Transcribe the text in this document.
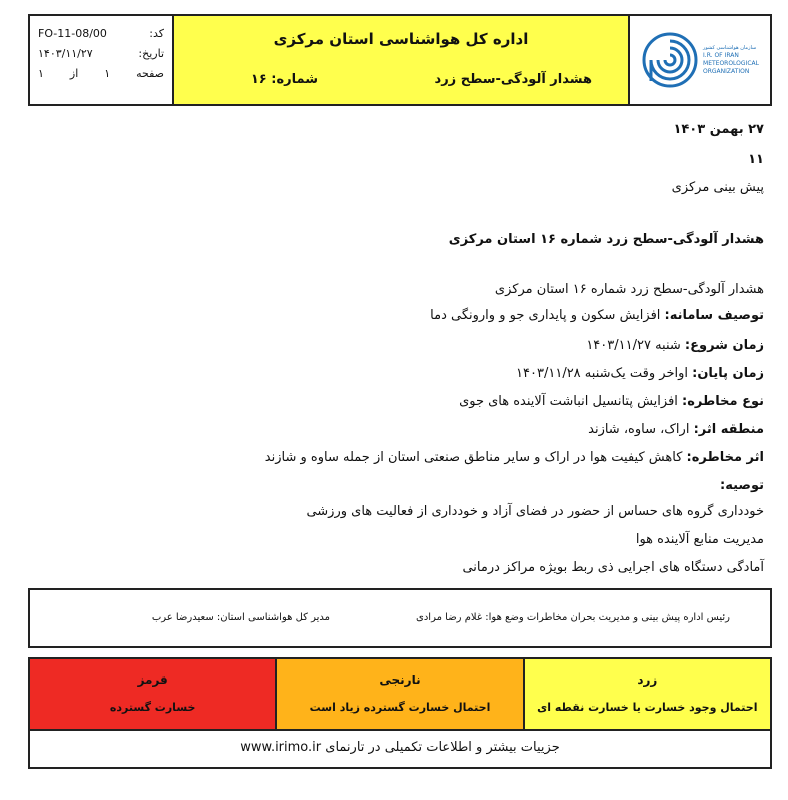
کد:
FO-11-08/00
تاریخ:
۱۴۰۳/۱۱/۲۷
صفحه
۱
از
۱
اداره کل هواشناسی استان مرکزی
هشدار آلودگی-سطح زرد
شماره: ۱۶
سازمان هواشناسی کشور
I.R. OF IRAN
METEOROLOGICAL
ORGANIZATION
۲۷ بهمن ۱۴۰۳
۱۱
پیش بینی مرکزی
هشدار آلودگی-سطح زرد شماره ۱۶ استان مرکزی
هشدار آلودگی-سطح زرد شماره ۱۶ استان مرکزی
توصیف سامانه: افزایش سکون و پایداری جو و وارونگی دما
زمان شروع: شنبه ۱۴۰۳/۱۱/۲۷
زمان پایان: اواخر وقت یک‌شنبه ۱۴۰۳/۱۱/۲۸
نوع مخاطره: افزایش پتانسیل انباشت آلاینده های جوی
منطقه اثر: اراک، ساوه، شازند
اثر مخاطره: کاهش کیفیت هوا در اراک و سایر مناطق صنعتی استان از جمله ساوه و شازند
توصیه:
خودداری گروه های حساس از حضور در فضای آزاد و خودداری از فعالیت های ورزشی
مدیریت منابع آلاینده هوا
آمادگی دستگاه های اجرایی ذی ربط بویژه مراکز درمانی
رئیس اداره پیش بینی و مدیریت بحران مخاطرات وضع هوا: غلام رضا مرادی
مدیر کل هواشناسی استان: سعیدرضا عرب
زرد
احتمال وجود خسارت یا خسارت نقطه ای
نارنجی
احتمال خسارت گسترده زیاد است
قرمز
خسارت گسترده
جزییات بیشتر و اطلاعات تکمیلی در تارنمای www.irimo.ir
